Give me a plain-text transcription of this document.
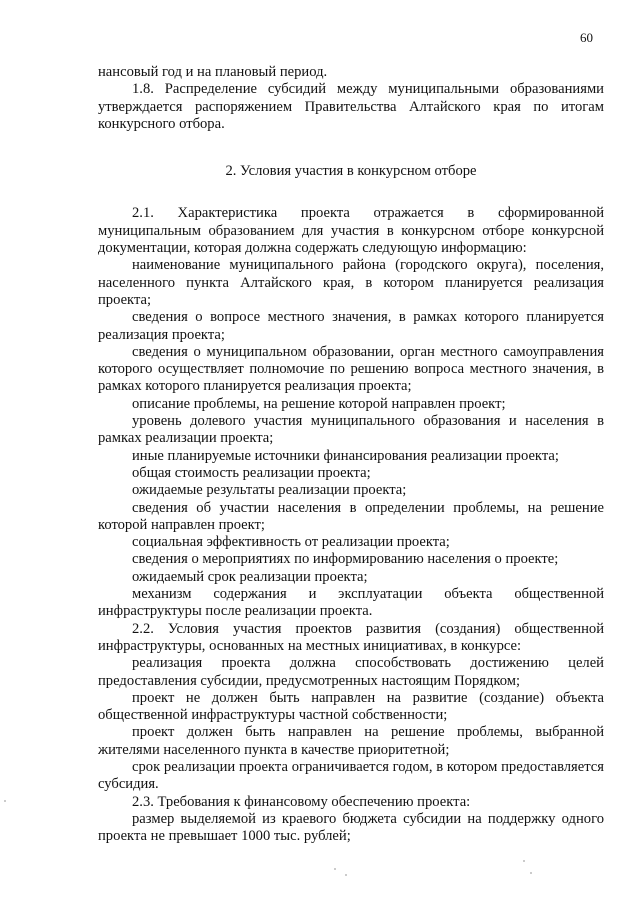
60

нансовый год и на плановый период.

1.8. Распределение субсидий между муниципальными образованиями утверждается распоряжением Правительства Алтайского края по итогам конкурсного отбора.

2. Условия участия в конкурсном отборе

2.1. Характеристика проекта отражается в сформированной муниципальным образованием для участия в конкурсном отборе конкурсной документации, которая должна содержать следующую информацию:

наименование муниципального района (городского округа), поселения, населенного пункта Алтайского края, в котором планируется реализация проекта;

сведения о вопросе местного значения, в рамках которого планируется реализация проекта;

сведения о муниципальном образовании, орган местного самоуправления которого осуществляет полномочие по решению вопроса местного значения, в рамках которого планируется реализация проекта;

описание проблемы, на решение которой направлен проект;

уровень долевого участия муниципального образования и населения в рамках реализации проекта;

иные планируемые источники финансирования реализации проекта;

общая стоимость реализации проекта;

ожидаемые результаты реализации проекта;

сведения об участии населения в определении проблемы, на решение которой направлен проект;

социальная эффективность от реализации проекта;

сведения о мероприятиях по информированию населения о проекте;

ожидаемый срок реализации проекта;

механизм содержания и эксплуатации объекта общественной инфраструктуры после реализации проекта.

2.2. Условия участия проектов развития (создания) общественной инфраструктуры, основанных на местных инициативах, в конкурсе:

реализация проекта должна способствовать достижению целей предоставления субсидии, предусмотренных настоящим Порядком;

проект не должен быть направлен на развитие (создание) объекта общественной инфраструктуры частной собственности;

проект должен быть направлен на решение проблемы, выбранной жителями населенного пункта в качестве приоритетной;

срок реализации проекта ограничивается годом, в котором предоставляется субсидия.

2.3. Требования к финансовому обеспечению проекта:

размер выделяемой из краевого бюджета субсидии на поддержку одного проекта не превышает 1000 тыс. рублей;
